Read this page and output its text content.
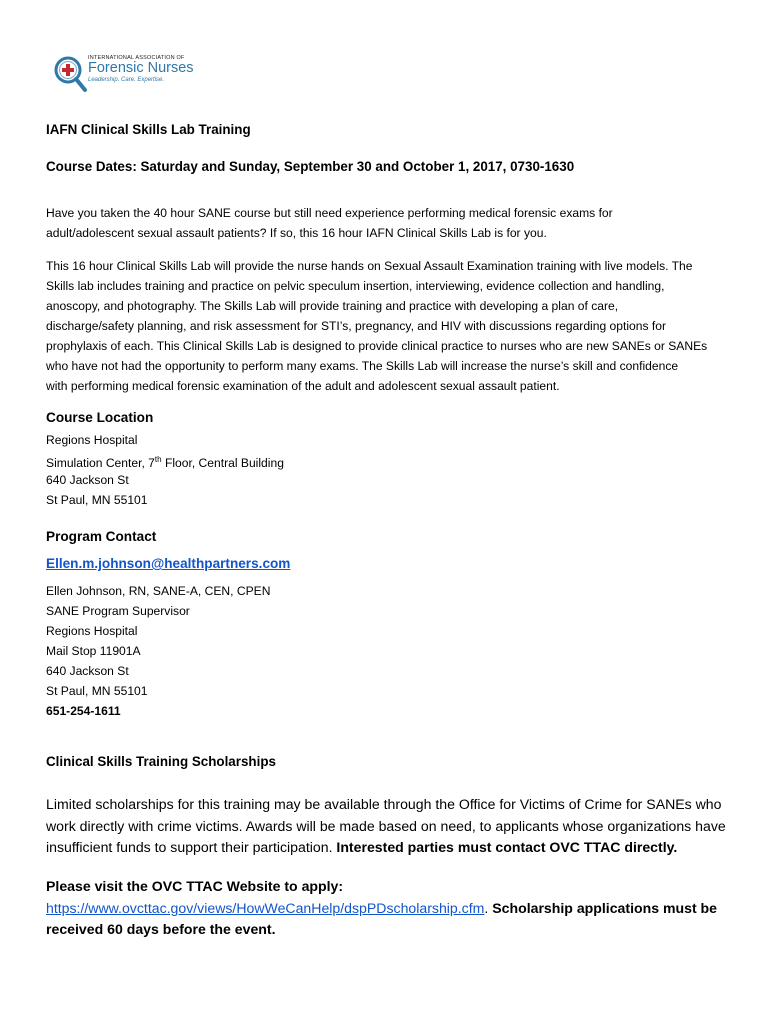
INTERNATIONAL ASSOCIATION OF
Forensic Nurses
Leadership. Care. Expertise.
IAFN Clinical Skills Lab Training
Course Dates: Saturday and Sunday, September 30 and October 1, 2017, 0730-1630
Have you taken the 40 hour SANE course but still need experience performing medical forensic exams for
adult/adolescent sexual assault patients? If so, this 16 hour IAFN Clinical Skills Lab is for you.
This 16 hour Clinical Skills Lab will provide the nurse hands on Sexual Assault Examination training with live models. The
Skills lab includes training and practice on pelvic speculum insertion, interviewing, evidence collection and handling,
anoscopy, and photography. The Skills Lab will provide training and practice with developing a plan of care,
discharge/safety planning, and risk assessment for STI’s, pregnancy, and HIV with discussions regarding options for
prophylaxis of each. This Clinical Skills Lab is designed to provide clinical practice to nurses who are new SANEs or SANEs
who have not had the opportunity to perform many exams. The Skills Lab will increase the nurse’s skill and confidence
with performing medical forensic examination of the adult and adolescent sexual assault patient.
Course Location
Regions Hospital
Simulation Center, 7th Floor, Central Building
640 Jackson St
St Paul, MN 55101
Program Contact
Ellen.m.johnson@healthpartners.com
Ellen Johnson, RN, SANE-A, CEN, CPEN
SANE Program Supervisor
Regions Hospital
Mail Stop 11901A
640 Jackson St
St Paul, MN 55101
651-254-1611
Clinical Skills Training Scholarships
Limited scholarships for this training may be available through the Office for Victims of Crime for SANEs who
work directly with crime victims. Awards will be made based on need, to applicants whose organizations have
insufficient funds to support their participation. Interested parties must contact OVC TTAC directly.
Please visit the OVC TTAC Website to apply:
https://www.ovcttac.gov/views/HowWeCanHelp/dspPDscholarship.cfm. Scholarship applications must be
received 60 days before the event.
